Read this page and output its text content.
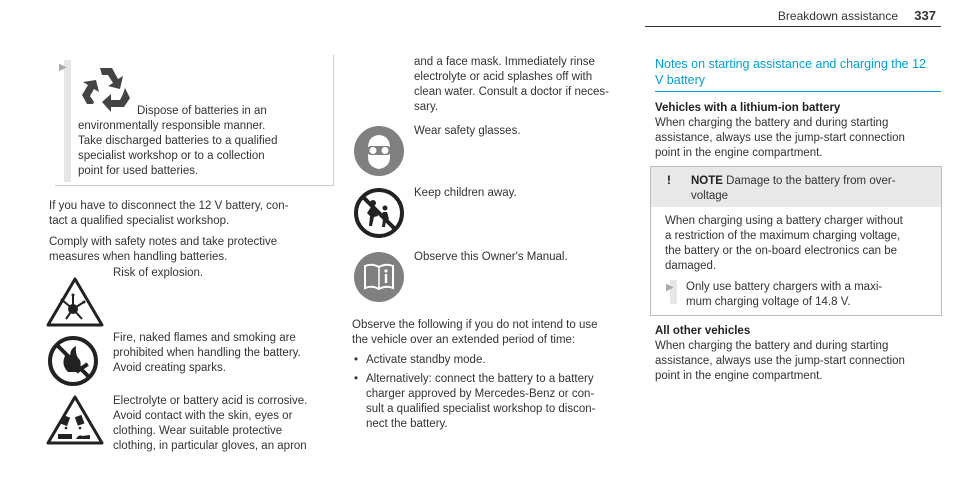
Breakdown assistance 337
▶

Dispose of batteries in an

environmentally responsible manner.

Take discharged batteries to a qualified

specialist workshop or to a collection

point for used batteries.

If you have to disconnect the 12 V battery, con-

tact a qualified specialist workshop.

Comply with safety notes and take protective

measures when handling batteries.

Risk of explosion.

Fire, naked flames and smoking are

prohibited when handling the battery.

Avoid creating sparks.

Electrolyte or battery acid is corrosive.

Avoid contact with the skin, eyes or

clothing. Wear suitable protective

clothing, in particular gloves, an apron

and a face mask. Immediately rinse

electrolyte or acid splashes off with

clean water. Consult a doctor if neces-

sary.

Wear safety glasses.
Keep children away.
Observe this Owner's Manual.

Observe the following if you do not intend to use

the vehicle over an extended period of time:

• Activate standby mode.

• Alternatively: connect the battery to a battery

charger approved by Mercedes-Benz or con-

sult a qualified specialist workshop to discon-

nect the battery.

Notes on starting assistance and charging the 12

V battery

Vehicles with a lithium-ion battery

When charging the battery and during starting

assistance, always use the jump-start connection

point in the engine compartment.

! NOTE Damage to the battery from over-

voltage

When charging using a battery charger without

a restriction of the maximum charging voltage,

the battery or the on-board electronics can be

damaged.

▶ Only use battery chargers with a maxi-

mum charging voltage of 14.8 V.

All other vehicles

When charging the battery and during starting

assistance, always use the jump-start connection

point in the engine compartment.
